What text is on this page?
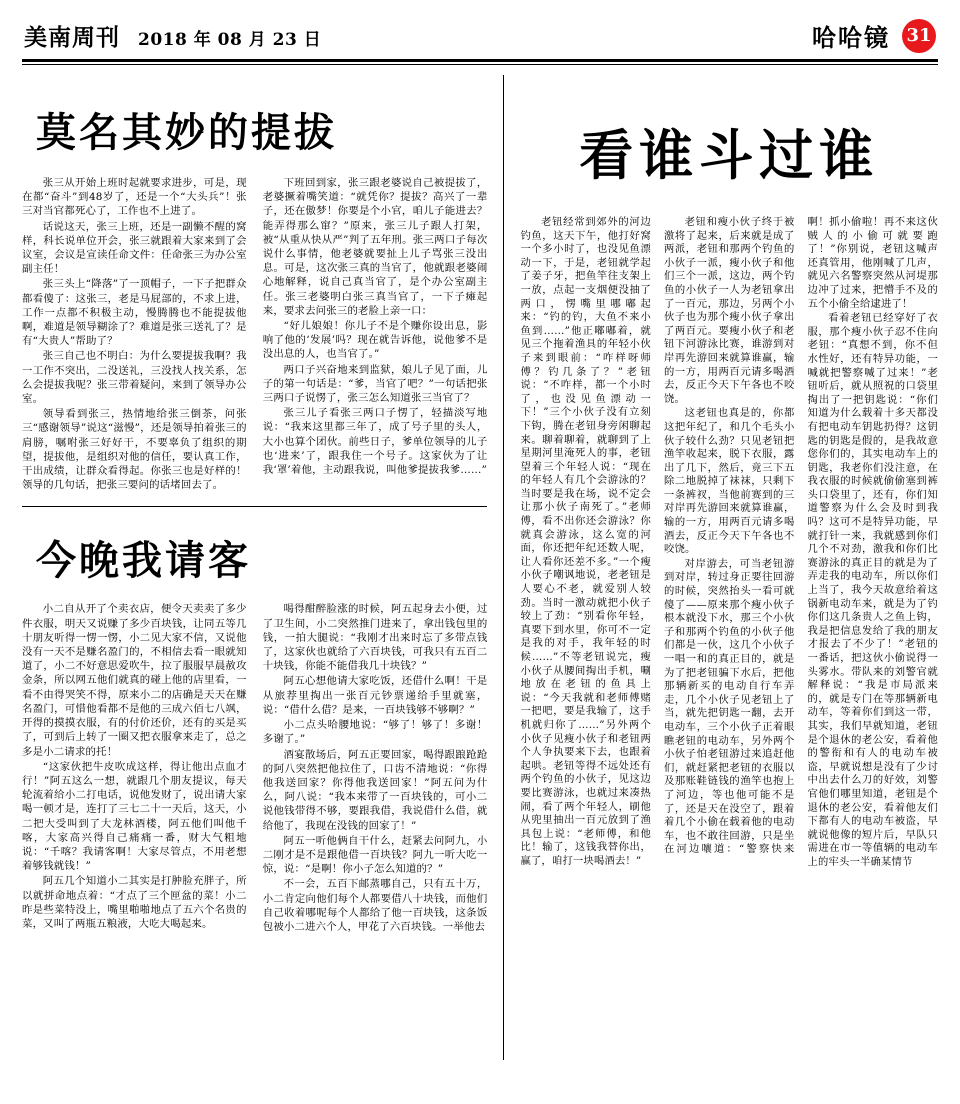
美南周刊 2018 年 08 月 23 日	哈哈镜 31
莫名其妙的提拔

张三从开始上班时起就要求进步，可是，现在都“奋斗”到48岁了，还是一个“大头兵”！张三对当官都死心了，工作也不上进了。

话说这天，张三上班，还是一副懒不醒的窝样，科长说单位开会，张三就跟着大家来到了会议室，会议是宣读任命文件：任命张三为办公室副主任！

张三头上“降落”了一顶帽子，一下子把群众都看傻了：这张三，老是马屁部的，不求上进，工作一点都不积极主动，慢腾腾也不能提拔他啊，难道是领导糊涂了？难道是张三送礼了？是有“大贵人”帮助了？

张三自己也不明白：为什么要提拔我啊？我一工作不突出，二没送礼，三没找人找关系，怎么会提拔我呢？张三带着疑问，来到了领导办公室。

领导看到张三，热情地给张三倒茶，问张三“感谢领导”说这“滋慢”，还是领导拍着张三的肩膀，嘱咐张三好好干，不要辜负了组织的期望，提拔他，是组织对他的信任，要认真工作，干出成绩，让群众看得起。你张三也是好样的！领导的几句话，把张三要问的话堵回去了。

下班回到家，张三跟老婆说自己被提拔了，老婆撅着嘴笑道：“就凭你？提拔？高兴了一辈子，还在傲梦！你要是个小官，咱儿子能进去？能弄得那么窜？”原来，张三儿子跟人打架，被“从重从快从严”判了五年刑。张三两口子每次说什么事情，他老婆就要扯上儿子骂张三没出息。可是，这次张三真的当官了，他就跟老婆闹心地解释，说自己真当官了，是个办公室副主任。张三老婆明白张三真当官了，一下子瘫起来，要求去问张三的老脸上亲一口：

“好儿娘娘！你儿子不是个赚你设出息，影响了他的‘发展’吗？现在就告诉他，说他爹不是没出息的人，也当官了。”

两口子兴奋地来到监狱，娘儿子见了面，儿子的第一句话是：“爹，当官了吧？”一句话把张三两口子说愣了，张三怎么知道张三当官了？

张三儿子看张三两口子愣了，轻描淡写地说：“我来这里都三年了，成了号子里的头人，大小也算个团伙。前些日子，爹单位领导的儿子也‘进来’了，跟我住一个号子。这家伙为了让我‘罩’着他，主动跟我说，叫他爹提拔我爹……”

今晚我请客

小二自从开了个卖衣店，便令天卖卖了多少件衣服，明天又说赚了多少百块钱，让同五等几十朋友听得一愣一愣，小二见大家不信，又说他没有一天不是赚名盈门的，不相信去看一眼就知道了，小二不好意思爱吹牛，拉了服服早晨赦攻金条，所以网五他们就真的碰上他的店里看，一看不由得哭笑不得，原来小二的店确是天天在赚名盈门，可惜他看都不是他的三成六佰七八飒，开得的摸摸衣服，有的付价还价，还有的买是买了，可到后上转了一圈又把衣服拿来走了，总之多是小二请求的托！

“这家伙把牛皮吹成这样，得让他出点血才行！”阿五这么一想，就跟几个朋友提议，每天轮流着给小二打电话，说他发财了，说出请大家喝一顿才是，连打了三七二十一天后，这天，小二把大受叫到了大龙林酒楼，阿五他们叫他千喀，大家高兴得自己痛痛一番，财大气粗地说：“千喀？我请客啊！大家尽管点，不用老想着够钱就钱！”

阿五几个知道小二其实是打肿脸充胖子，所以就拼命地点着：“才点了三个匣盆的菜！小二昨是些菜特没上，嘴里啪啪地点了五六个名贵的菜，又叫了两瓶五粮液，大吃大喝起来。

喝得酣醉脸涨的时候，阿五起身去小便，过了卫生间，小二突然推门进来了，拿出钱包里的钱，一拍大腿说：“我刚才出来时忘了多带点钱了，这家伙也就给了六百块钱，可我只有五百二十块钱，你能不能借我几十块钱？”

阿五心想他请大家吃饭，还借什么啊！干是从旅荐里掏出一张百元钞票递给手里就塞，说：“借什么借？是来，一百块钱够不够啊？”

小二点头哈腰地说：“够了！够了！多谢！多谢了。”

酒宴散场后，阿五正要回家，喝得跟踉跄跄的阿八突然把他拉住了，口齿不清地说：“你得他我送回家？你得他我送回家！”阿五问为什么，阿八说：“我本来带了一百块钱的，可小二说他钱带得不够，要跟我借，我说借什么借，就给他了，我现在没钱的回家了！”

阿五一听他俩自干什么，赶紧去问阿九，小二刚才是不是跟他借一百块钱？阿九一听大吃一惊，说：“是啊！你小子怎么知道的？”

不一会，五百下邮蒸哪自己，只有五十万，小二肯定向他们每个人都要借八十块钱，而他们自己收着哪呢每个人都给了他一百块钱，这条饭包被小二进六个人，甲花了六百块钱。一举他去

看谁斗过谁

老钮经常到郊外的河边钓鱼，这天下午，他打好窝一个多小时了，也没见鱼漂动一下，于是，老钮就学起了姜子牙，把鱼竿往支架上一放，点起一支烟便没抽了两口，愣嘴里哪嘟起来：“钓的钓，大鱼不来小鱼到……”他正嘟嘟着，就见三个拖着渔具的年轻小伙子来到眼前：“咋样呀师傅？钓几条了？”老钮说：“不咋样，都一个小时了，也没见鱼漂动一下！”三个小伙子没有立刻下钩，腾在老钮身旁闲聊起来。聊着聊着，就聊到了上星期河里淹死人的事，老钮望着三个年轻人说：“现在的年轻人有几个会游泳的？当时要是我在场，说不定会让那小伙子南死了。”老师傅，看不出你还会游泳？你就真会游泳，这么宽的河面，你还把年纪还数人呢，让人看你还差不多。”一个瘦小伙子嘲讽地说，老老钮是人要心不老，就爱别人较劲。当时一激动就把小伙子较上了劲：“别看你年轻，真要下到水里，你可不一定是我的对手，我年轻的时候……”不等老钮说完，瘦小伙子从腰间掏出手机，唰地放在老钮的鱼具上说：“今天我就和老师傅赌一把吧，要是我输了，这手机就归你了……”另外两个小伙子见瘦小伙子和老钮两个人争执要来下去，也跟着起哄。老钮等得不远处还有两个钓鱼的小伙子，见这边要比赛游泳，也就过来凑热闹，看了两个年轻人，刷他从兜里抽出一百元放到了渔具包上说：“老师傅，和他比！输了，这钱我替你出，赢了，咱打一块喝酒去！”

老钮和瘦小伙子终于被激将了起来，后来就是成了两派，老钮和那两个钓鱼的小伙子一派，瘦小伙子和他们三个一派，这边，两个钓鱼的小伙子一人为老钮拿出了一百元，那边，另两个小伙子也为那个瘦小伙子拿出了两百元。要瘦小伙子和老钮下河游泳比赛，谁游到对岸再先游回来就算谁赢，输的一方，用两百元请多喝酒去，反正今天下午各也不咬饶。

这老钮也真是的，你都这把年纪了，和几个毛头小伙子较什么劲？只见老钮把渔竿收起来，脱下衣服，露出了几下，然后，竟三下五除二地脱掉了袜袜，只剩下一条裤衩，当他前赛到的三对岸再先游回来就算谁赢，输的一方，用两百元请多喝酒去，反正今天下午各也不咬饶。

对岸游去，可当老钮游到对岸，转过身正要往回游的时候，突然抬头一看可就傻了——原来那个瘦小伙子根本就没下水，那三个小伙子和那两个钓鱼的小伙子他们都是一伙，这几个小伙子一唱一和的真正目的，就是为了把老钮骗下水后，把他那辆新买的电动自行车弄走，几个小伙子见老钮上了当，就先把钥匙一翻，去开电动车，三个小伙子正着眼瞧老钮的电动车，另外两个小伙子怕老钮游过来追赶他们，就赶紧把老钮的衣服以及那账鞋链钱的渔竿也抱上了河边，等也他可能不是了，还是天在没空了，跟着着几个小偷在载着他的电动车，也不敢往回游，只是坐在河边嚷道：“警察快来啊！抓小偷啦！再不来这伙贼人的小偷可就要跑了！”你别说，老钮这喊声还真管用，他刚喊了几声，就见六名警察突然从河堤那边冲了过来，把懵手不及的五个小偷全给逮进了！

看着老钮已经穿好了衣服，那个瘦小伙子忍不住向老钮：“真想不到，你不但水性好，还有特异功能，一喊就把警察喊了过来！”老钮听后，就从照祝的口袋里掏出了一把钥匙说：“你们知道为什么载着十多天都没有把电动车钥匙扔得？这钥匙的钥匙是假的，是我故意您你们的，其实电动车上的钥匙，我老你们没注意，在我衣服的时候就偷偷塞到裤头口袋里了，还有，你们知道警察为什么会及时到我吗？这可不是特异功能，早就打针一来，我就感到你们几个不对劲，激我和你们比赛游泳的真正目的就是为了弄走我的电动车，所以你们上当了，我今天故意给着这锅新电动车来，就是为了钓你们这几条贵人之鱼上钩，我是把信息发给了我的朋友才报去了不少了！”老钮的一番话，把这伙小偷说得一头雾水。带队来的刘警官就解释说：“我是市局派来的，就是专门在等那辆新电动车，等着你们到这一带，其实，我们早就知道，老钮是个退休的老公安，看着他的警衔和有人的电动车被盗，早就说想是没有了少讨中出去什么刀的好效，刘警官他们哪里知道，老钮是个退休的老公安，看着他友们下都有人的电动车被盗，早就说他像的短片后，早队只需进在市一等值辆的电动车上的牢头一半确某情节
